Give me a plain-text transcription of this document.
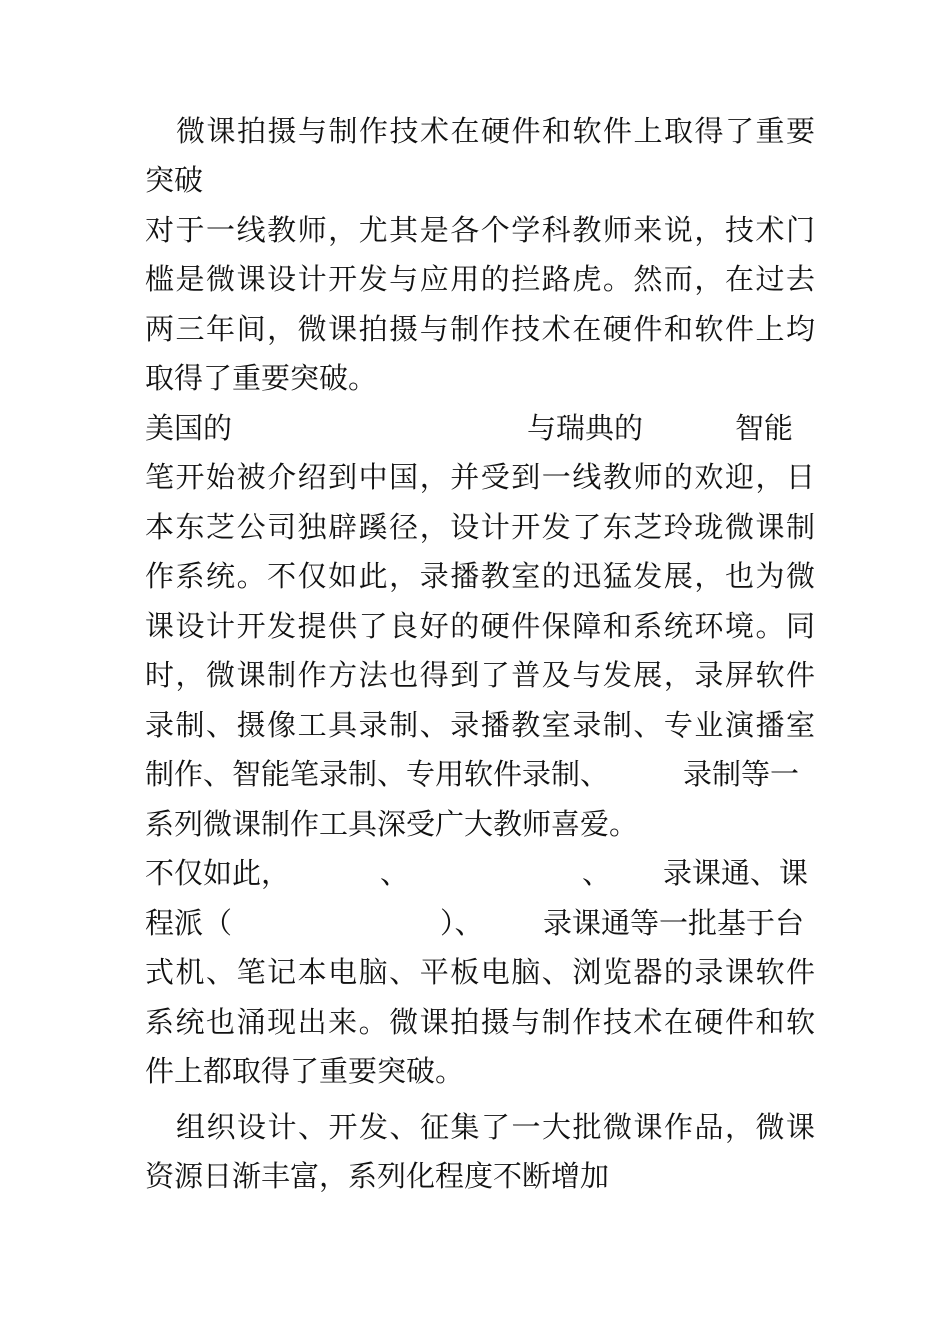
微课拍摄与制作技术在硬件和软件上取得了重要
突破
对于一线教师，尤其是各个学科教师来说，技术门
槛是微课设计开发与应用的拦路虎。然而，在过去
两三年间，微课拍摄与制作技术在硬件和软件上均
取得了重要突破。
美国的	与瑞典的	智能
笔开始被介绍到中国，并受到一线教师的欢迎，日
本东芝公司独辟蹊径，设计开发了东芝玲珑微课制
作系统。不仅如此，录播教室的迅猛发展，也为微
课设计开发提供了良好的硬件保障和系统环境。同
时，微课制作方法也得到了普及与发展，录屏软件
录制、摄像工具录制、录播教室录制、专业演播室
制作、智能笔录制、专用软件录制、	录制等一
系列微课制作工具深受广大教师喜爱。
不仅如此，	、	、 录课通、课
程派（	）、 录课通等一批基于台
式机、笔记本电脑、平板电脑、浏览器的录课软件
系统也涌现出来。微课拍摄与制作技术在硬件和软
件上都取得了重要突破。
组织设计、开发、征集了一大批微课作品，微课
资源日渐丰富，系列化程度不断增加
